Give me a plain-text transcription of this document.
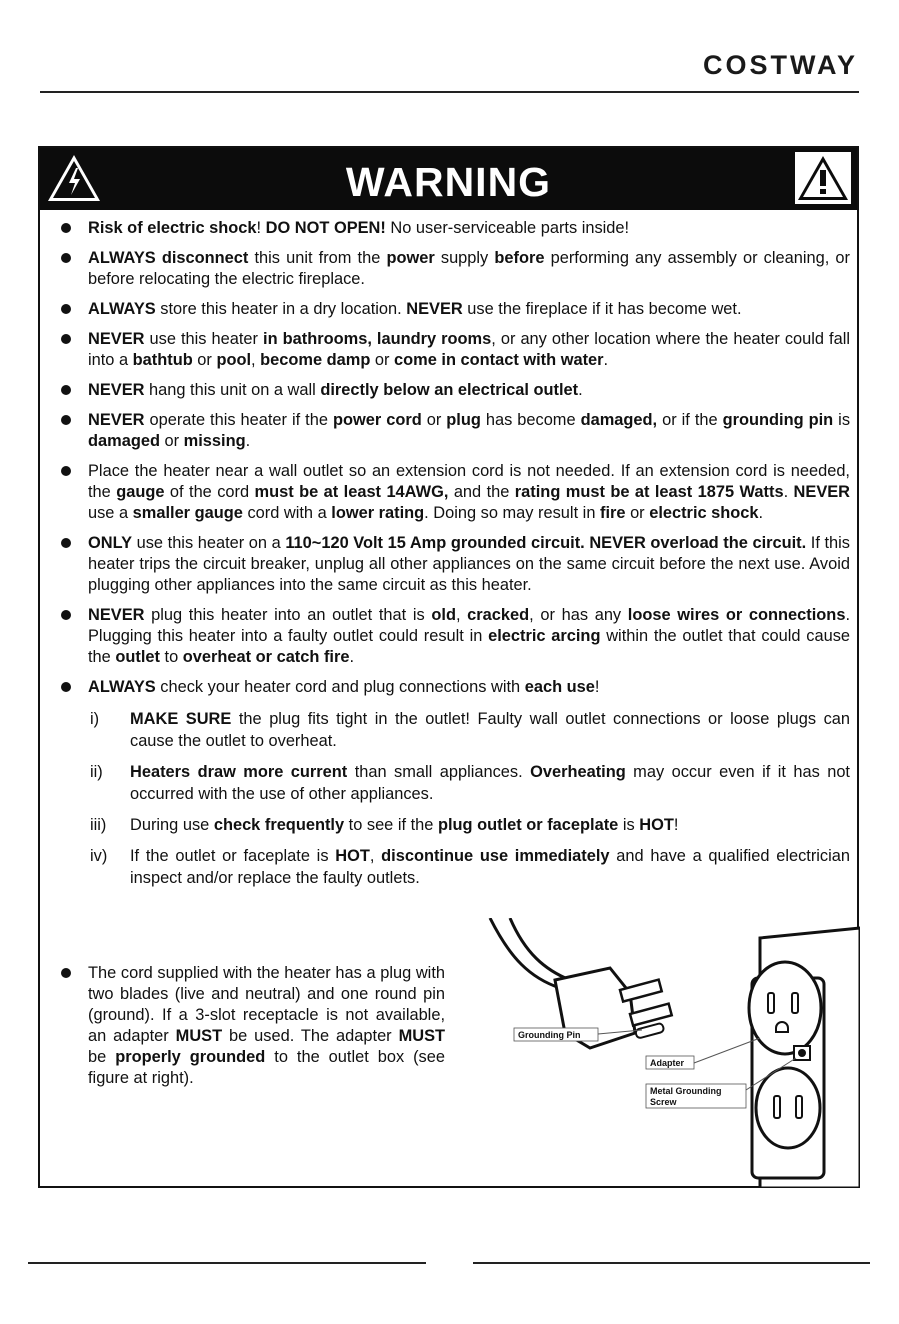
COSTWAY
WARNING
Risk of electric shock! DO NOT OPEN! No user-serviceable parts inside!
ALWAYS disconnect this unit from the power supply before performing any assembly or cleaning, or before relocating the electric fireplace.
ALWAYS store this heater in a dry location. NEVER use the fireplace if it has become wet.
NEVER use this heater in bathrooms, laundry rooms, or any other location where the heater could fall into a bathtub or pool, become damp or come in contact with water.
NEVER hang this unit on a wall directly below an electrical outlet.
NEVER operate this heater if the power cord or plug has become damaged, or if the grounding pin is damaged or missing.
Place the heater near a wall outlet so an extension cord is not needed. If an extension cord is needed, the gauge of the cord must be at least 14AWG, and the rating must be at least 1875 Watts. NEVER use a smaller gauge cord with a lower rating. Doing so may result in fire or electric shock.
ONLY use this heater on a 110~120 Volt 15 Amp grounded circuit. NEVER overload the circuit. If this heater trips the circuit breaker, unplug all other appliances on the same circuit before the next use. Avoid plugging other appliances into the same circuit as this heater.
NEVER plug this heater into an outlet that is old, cracked, or has any loose wires or connections. Plugging this heater into a faulty outlet could result in electric arcing within the outlet that could cause the outlet to overheat or catch fire.
ALWAYS check your heater cord and plug connections with each use!
i) MAKE SURE the plug fits tight in the outlet! Faulty wall outlet connections or loose plugs can cause the outlet to overheat.
ii) Heaters draw more current than small appliances. Overheating may occur even if it has not occurred with the use of other appliances.
iii) During use check frequently to see if the plug outlet or faceplate is HOT!
iv) If the outlet or faceplate is HOT, discontinue use immediately and have a qualified electrician inspect and/or replace the faulty outlets.
The cord supplied with the heater has a plug with two blades (live and neutral) and one round pin (ground). If a 3-slot receptacle is not available, an adapter MUST be used. The adapter MUST be properly grounded to the outlet box (see figure at right).
Grounding Pin
Adapter
Metal Grounding
Screw
